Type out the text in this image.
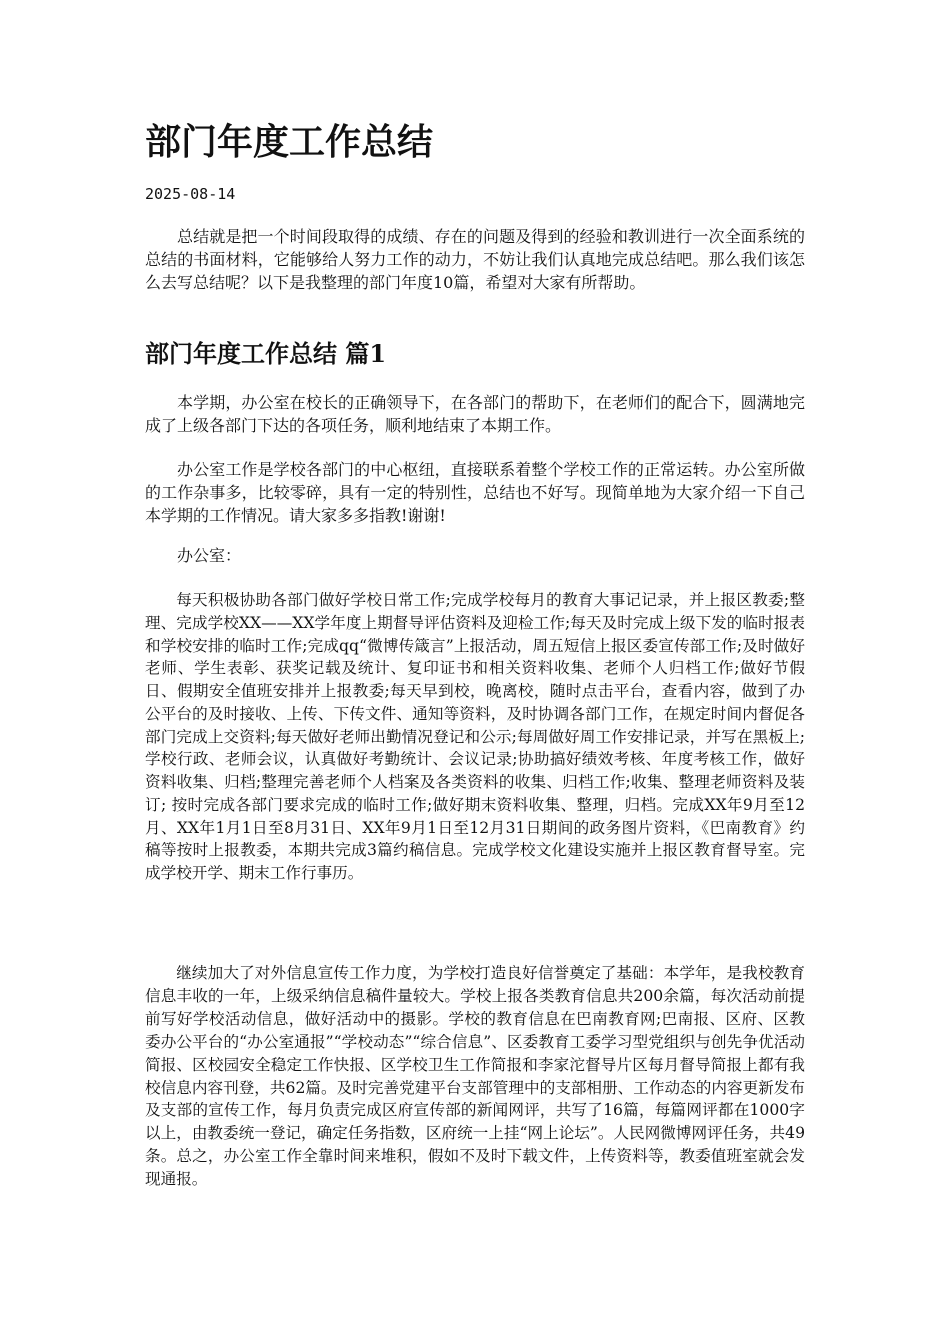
部门年度工作总结
2025-08-14

总结就是把一个时间段取得的成绩、存在的问题及得到的经验和教训进行一次全面系统的总结的书面材料，它能够给人努力工作的动力，不妨让我们认真地完成总结吧。那么我们该怎么去写总结呢？以下是我整理的部门年度10篇，希望对大家有所帮助。

部门年度工作总结 篇1

本学期，办公室在校长的正确领导下，在各部门的帮助下，在老师们的配合下，圆满地完成了上级各部门下达的各项任务，顺利地结束了本期工作。

办公室工作是学校各部门的中心枢纽，直接联系着整个学校工作的正常运转。办公室所做的工作杂事多，比较零碎，具有一定的特别性，总结也不好写。现简单地为大家介绍一下自己本学期的工作情况。请大家多多指教!谢谢!

办公室：

每天积极协助各部门做好学校日常工作;完成学校每月的教育大事记记录，并上报区教委;整理、完成学校XX——XX学年度上期督导评估资料及迎检工作;每天及时完成上级下发的临时报表和学校安排的临时工作;完成qq“微博传箴言”上报活动，周五短信上报区委宣传部工作;及时做好老师、学生表彰、获奖记载及统计、复印证书和相关资料收集、老师个人归档工作;做好节假日、假期安全值班安排并上报教委;每天早到校，晚离校，随时点击平台，查看内容，做到了办公平台的及时接收、上传、下传文件、通知等资料，及时协调各部门工作，在规定时间内督促各部门完成上交资料;每天做好老师出勤情况登记和公示;每周做好周工作安排记录，并写在黑板上;学校行政、老师会议，认真做好考勤统计、会议记录;协助搞好绩效考核、年度考核工作，做好资料收集、归档;整理完善老师个人档案及各类资料的收集、归档工作;收集、整理老师资料及装订; 按时完成各部门要求完成的临时工作;做好期末资料收集、整理，归档。完成XX年9月至12月、XX年1月1日至8月31日、XX年9月1日至12月31日期间的政务图片资料，《巴南教育》约稿等按时上报教委，本期共完成3篇约稿信息。完成学校文化建设实施并上报区教育督导室。完成学校开学、期末工作行事历。

继续加大了对外信息宣传工作力度，为学校打造良好信誉奠定了基础：本学年，是我校教育信息丰收的一年，上级采纳信息稿件量较大。学校上报各类教育信息共200余篇，每次活动前提前写好学校活动信息，做好活动中的摄影。学校的教育信息在巴南教育网;巴南报、区府、区教委办公平台的“办公室通报”“学校动态”“综合信息”、区委教育工委学习型党组织与创先争优活动简报、区校园安全稳定工作快报、区学校卫生工作简报和李家沱督导片区每月督导简报上都有我校信息内容刊登，共62篇。及时完善党建平台支部管理中的支部相册、工作动态的内容更新发布及支部的宣传工作，每月负责完成区府宣传部的新闻网评，共写了16篇，每篇网评都在1000字以上，由教委统一登记，确定任务指数，区府统一上挂“网上论坛”。人民网微博网评任务，共49条。总之，办公室工作全靠时间来堆积，假如不及时下载文件，上传资料等，教委值班室就会发现通报。
